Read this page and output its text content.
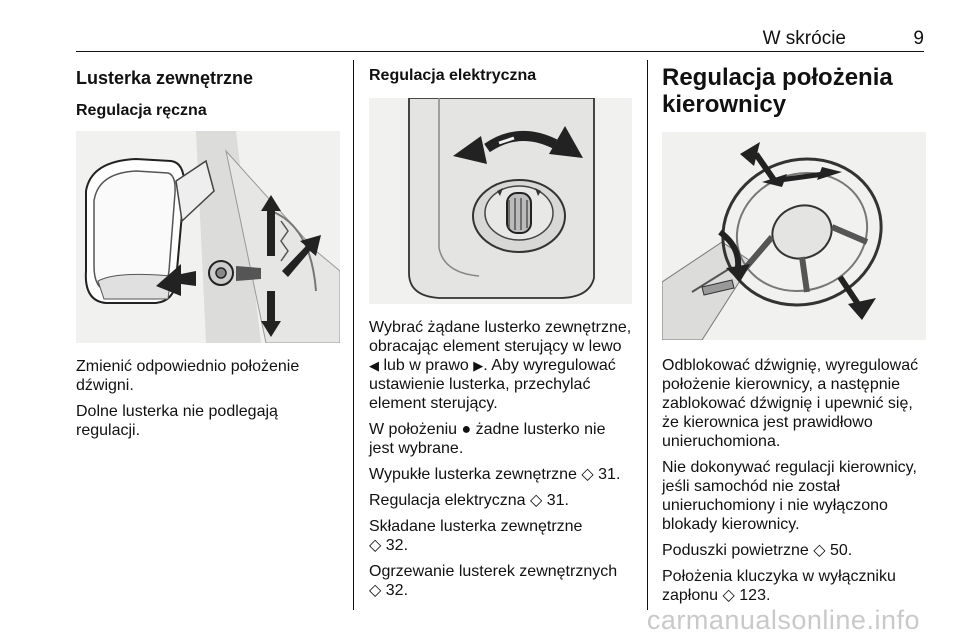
W skrócie	9
Lusterka zewnętrzne
Regulacja ręczna

Zmienić odpowiednio położenie dźwigni.

Dolne lusterka nie podlegają regulacji.

Regulacja elektryczna

Wybrać żądane lusterko zewnętrzne, obracając element sterujący w lewo ◀ lub w prawo ▶. Aby wyregulować ustawienie lusterka, przechylać element sterujący.

W położeniu ● żadne lusterko nie jest wybrane.

Wypukłe lusterka zewnętrzne ◇ 31.

Regulacja elektryczna ◇ 31.

Składane lusterka zewnętrzne
◇ 32.

Ogrzewanie lusterek zewnętrznych
◇ 32.

Regulacja położenia kierownicy

Odblokować dźwignię, wyregulować położenie kierownicy, a następnie zablokować dźwignię i upewnić się, że kierownica jest prawidłowo unieruchomiona.

Nie dokonywać regulacji kierownicy, jeśli samochód nie został unieruchomiony i nie wyłączono blokady kierownicy.

Poduszki powietrzne ◇ 50.

Położenia kluczyka w wyłączniku zapłonu ◇ 123.

carmanualsonline.info
